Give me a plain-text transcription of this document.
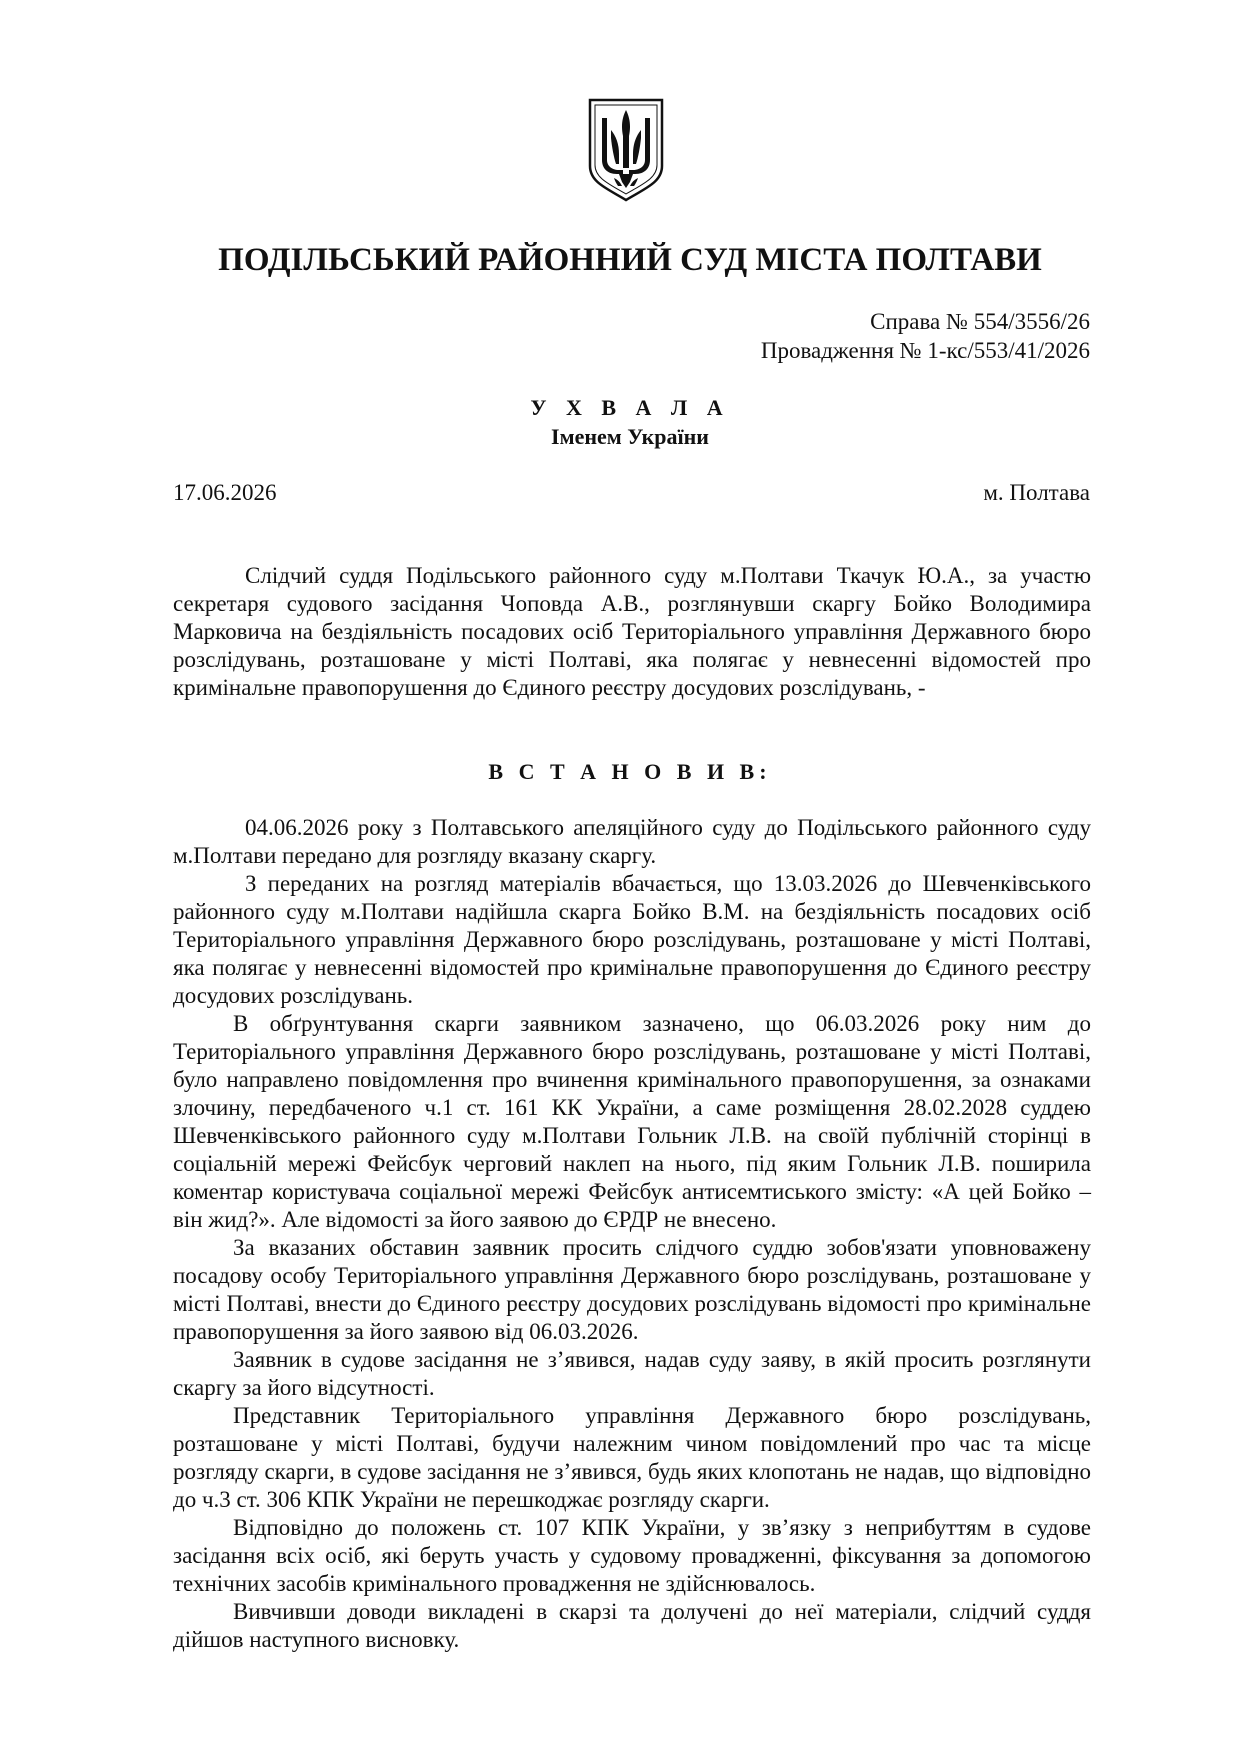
ПОДІЛЬСЬКИЙ РАЙОННИЙ СУД МІСТА ПОЛТАВИ
Справа № 554/3556/26
Провадження № 1-кс/553/41/2026
У Х В А Л А
Іменем України
17.06.2026	м. Полтава

Слідчий суддя Подільського районного суду м.Полтави Ткачук Ю.А., за участю секретаря судового засідання Чоповда А.В., розглянувши скаргу Бойко Володимира Марковича на бездіяльність посадових осіб Територіального управління Державного бюро розслідувань, розташоване у місті Полтаві, яка полягає у невнесенні відомостей про кримінальне правопорушення до Єдиного реєстру досудових розслідувань, -

В С Т А Н О В И В:

04.06.2026 року з Полтавського апеляційного суду до Подільського районного суду м.Полтави передано для розгляду вказану скаргу.

З переданих на розгляд матеріалів вбачається, що 13.03.2026 до Шевченківського районного суду м.Полтави надійшла скарга Бойко В.М. на бездіяльність посадових осіб Територіального управління Державного бюро розслідувань, розташоване у місті Полтаві, яка полягає у невнесенні відомостей про кримінальне правопорушення до Єдиного реєстру досудових розслідувань.

В обґрунтування скарги заявником зазначено, що 06.03.2026 року ним до Територіального управління Державного бюро розслідувань, розташоване у місті Полтаві, було направлено повідомлення про вчинення кримінального правопорушення, за ознаками злочину, передбаченого ч.1 ст. 161 КК України, а саме розміщення 28.02.2028 суддею Шевченківського районного суду м.Полтави Гольник Л.В. на своїй публічній сторінці в соціальній мережі Фейсбук черговий наклеп на нього, під яким Гольник Л.В. поширила коментар користувача соціальної мережі Фейсбук антисемтиського змісту: «А цей Бойко – він жид?». Але відомості за його заявою до ЄРДР не внесено.

За вказаних обставин заявник просить слідчого суддю зобов'язати уповноважену посадову особу Територіального управління Державного бюро розслідувань, розташоване у місті Полтаві, внести до Єдиного реєстру досудових розслідувань відомості про кримінальне правопорушення за його заявою від 06.03.2026.

Заявник в судове засідання не з’явився, надав суду заяву, в якій просить розглянути скаргу за його відсутності.

Представник Територіального управління Державного бюро розслідувань, розташоване у місті Полтаві, будучи належним чином повідомлений про час та місце розгляду скарги, в судове засідання не з’явився, будь яких клопотань не надав, що відповідно до ч.3 ст. 306 КПК України не перешкоджає розгляду скарги.

Відповідно до положень ст. 107 КПК України, у зв’язку з неприбуттям в судове засідання всіх осіб, які беруть участь у судовому провадженні, фіксування за допомогою технічних засобів кримінального провадження не здійснювалось.

Вивчивши доводи викладені в скарзі та долучені до неї матеріали, слідчий суддя дійшов наступного висновку.
